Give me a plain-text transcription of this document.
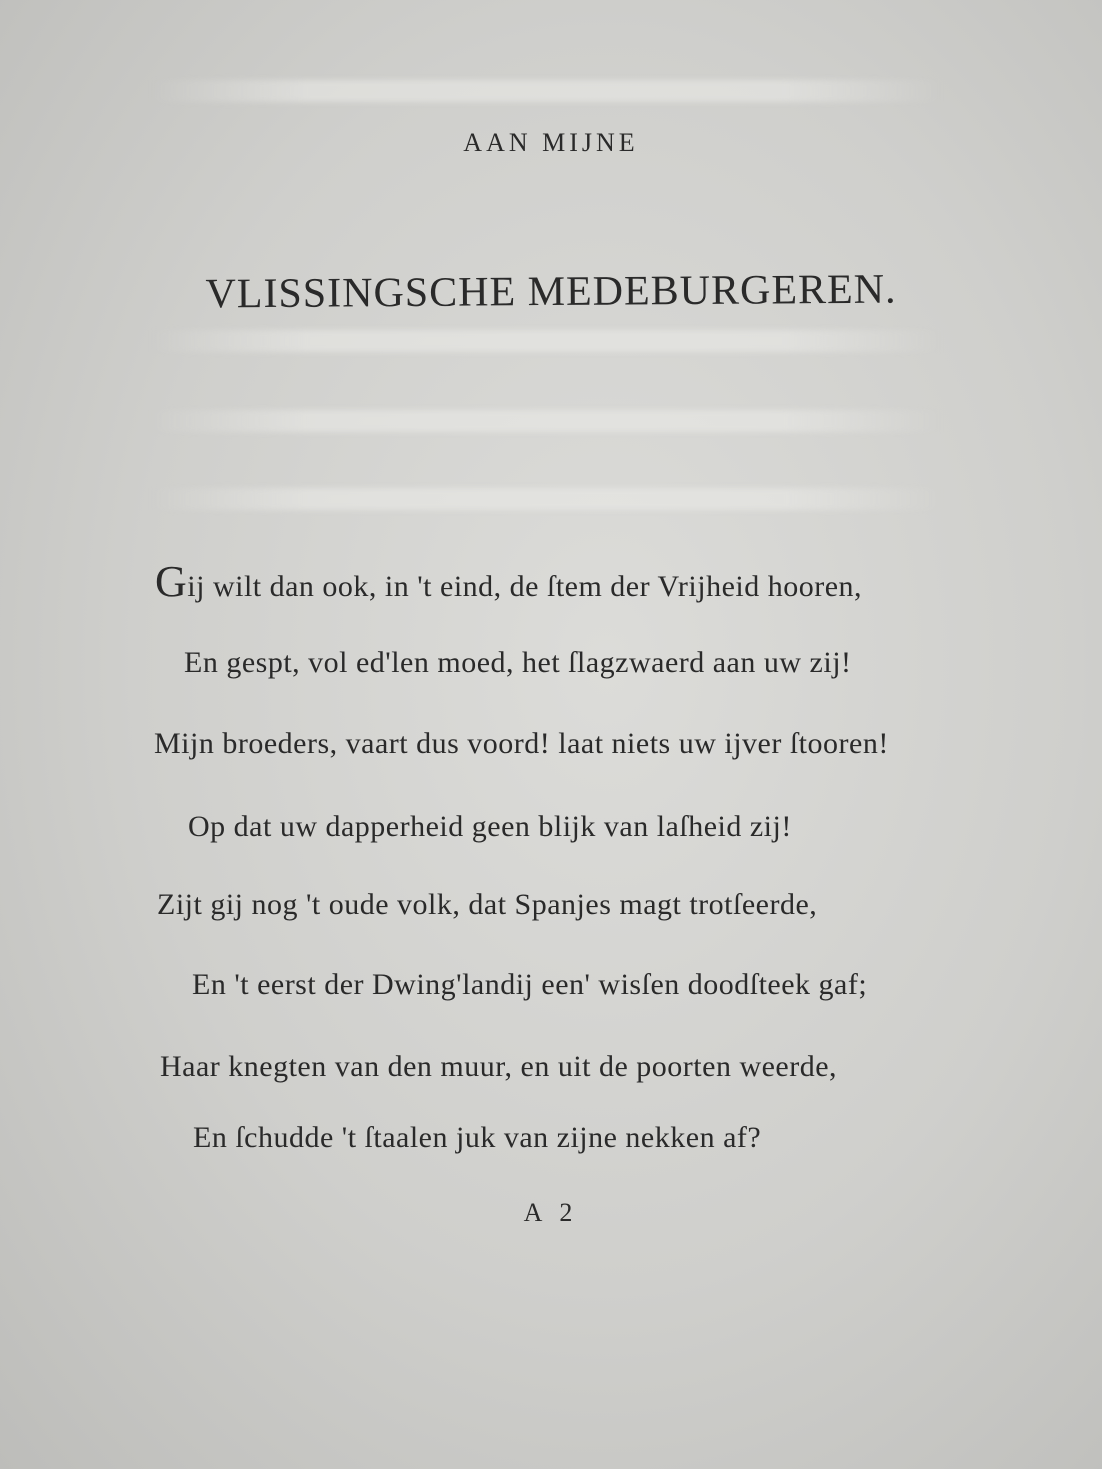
AAN MIJNE
VLISSINGSCHE MEDEBURGEREN.
Gij wilt dan ook, in 't eind, de ſtem der Vrijheid hooren,
En gespt, vol ed'len moed, het ſlagzwaerd aan uw zij!
Mijn broeders, vaart dus voord! laat niets uw ijver ſtooren!
Op dat uw dapperheid geen blijk van laſheid zij!
Zijt gij nog 't oude volk, dat Spanjes magt trotſeerde,
En 't eerst der Dwing'landij een' wisſen doodſteek gaf;
Haar knegten van den muur, en uit de poorten weerde,
En ſchudde 't ſtaalen juk van zijne nekken af?
A 2
